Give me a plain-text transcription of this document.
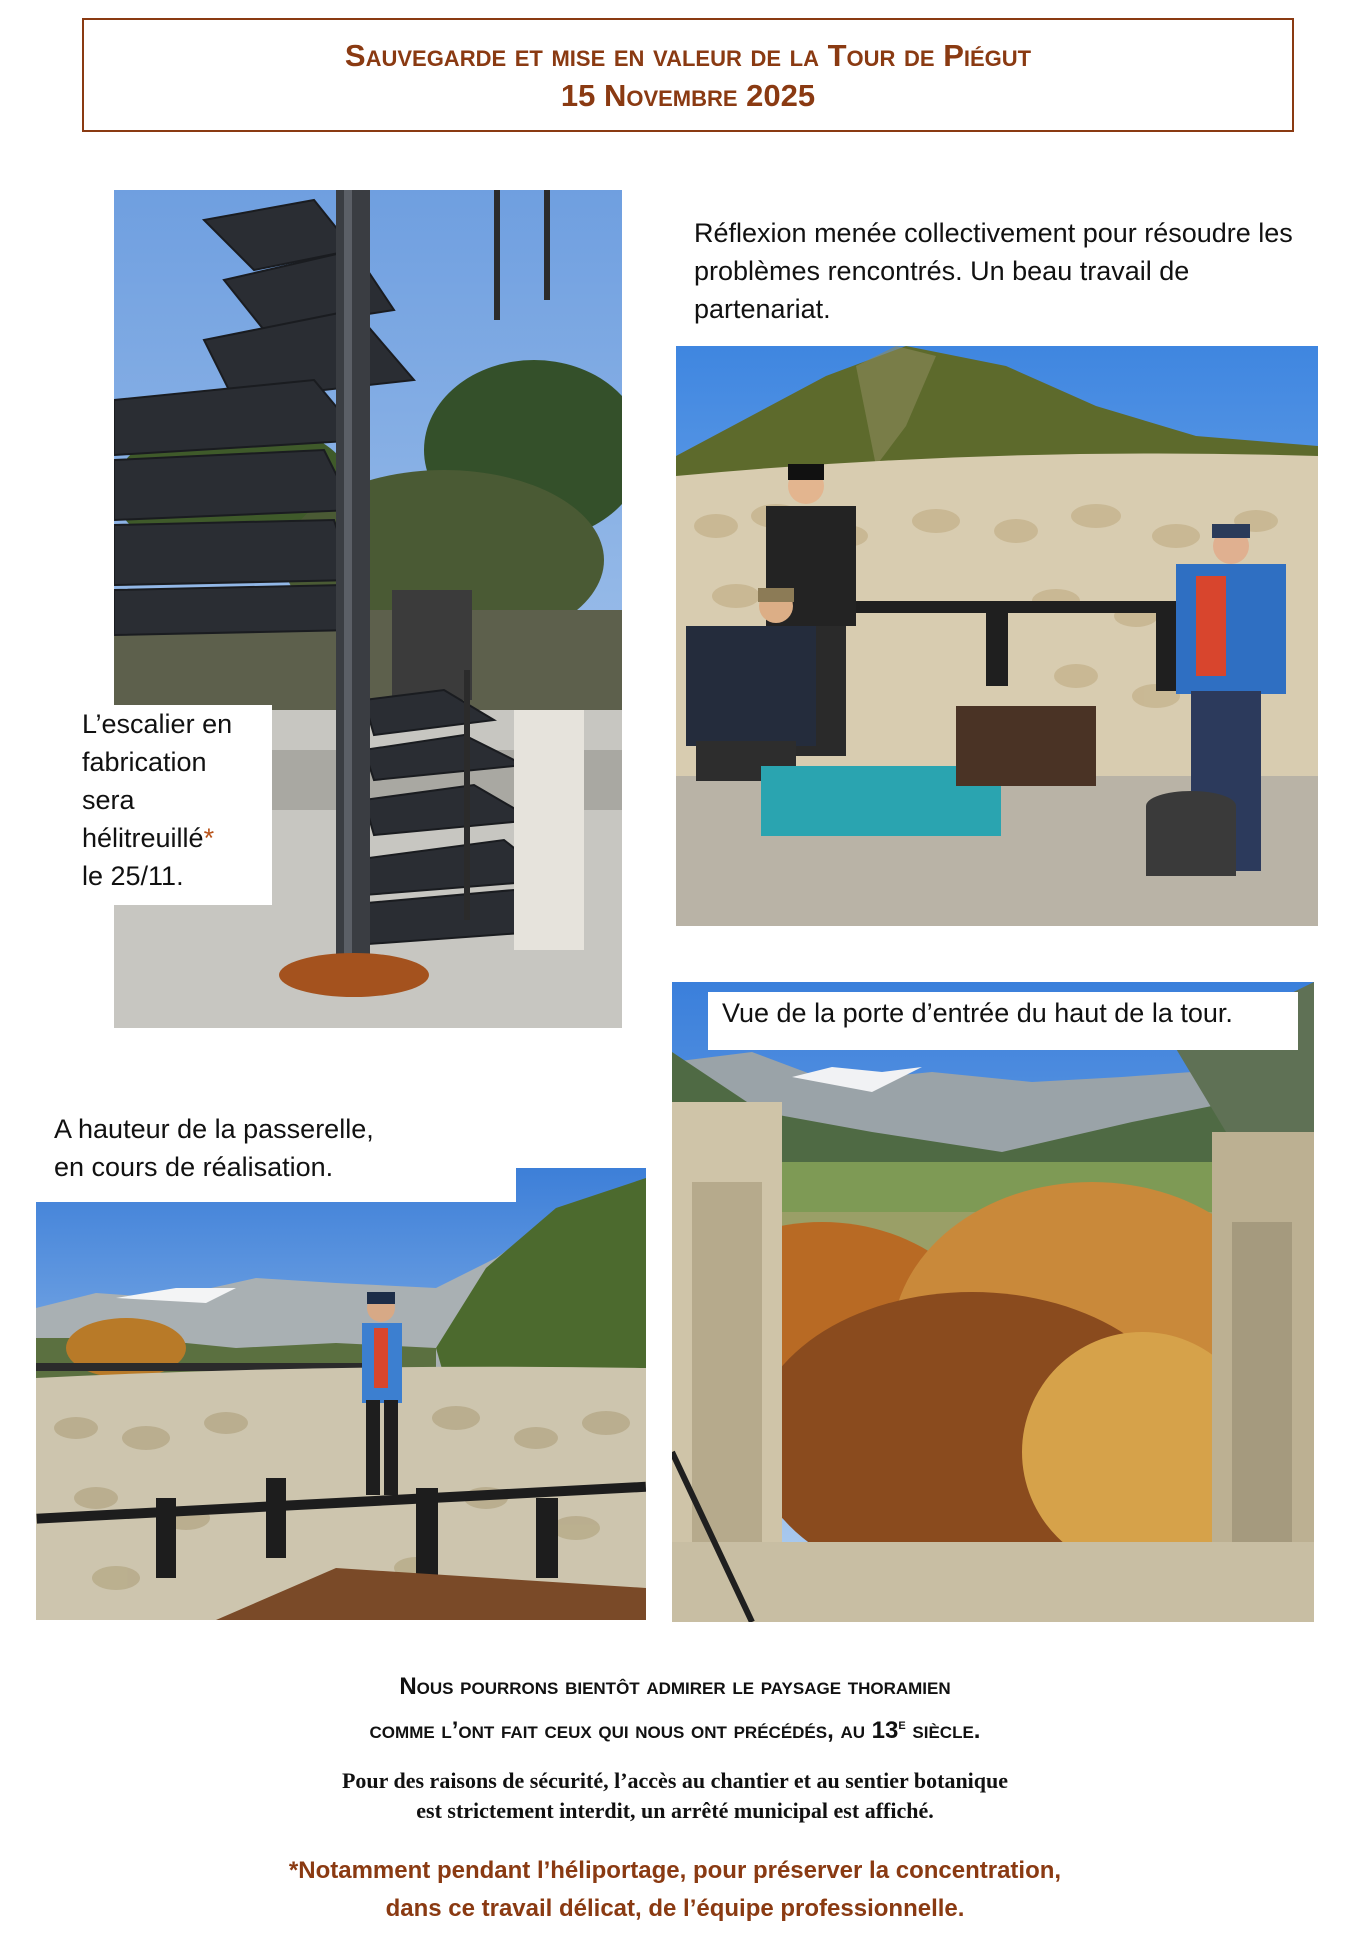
Sauvegarde et mise en valeur de la Tour de Piégut
15 Novembre 2025
L’escalier en
fabrication
sera
hélitreuillé*
le 25/11.
Réflexion menée collectivement pour résoudre les problèmes rencontrés. Un beau travail de partenariat.
Vue de la porte d’entrée du haut de la tour.
A hauteur de la passerelle,
en cours de réalisation.
Nous pourrons bientôt admirer le paysage thoramien
comme l’ont fait ceux qui nous ont précédés, au 13e siècle.
Pour des raisons de sécurité, l’accès au chantier et au sentier botanique
est strictement interdit, un arrêté municipal est affiché.
*Notamment pendant l’héliportage, pour préserver la concentration,
dans ce travail délicat, de l’équipe professionnelle.
